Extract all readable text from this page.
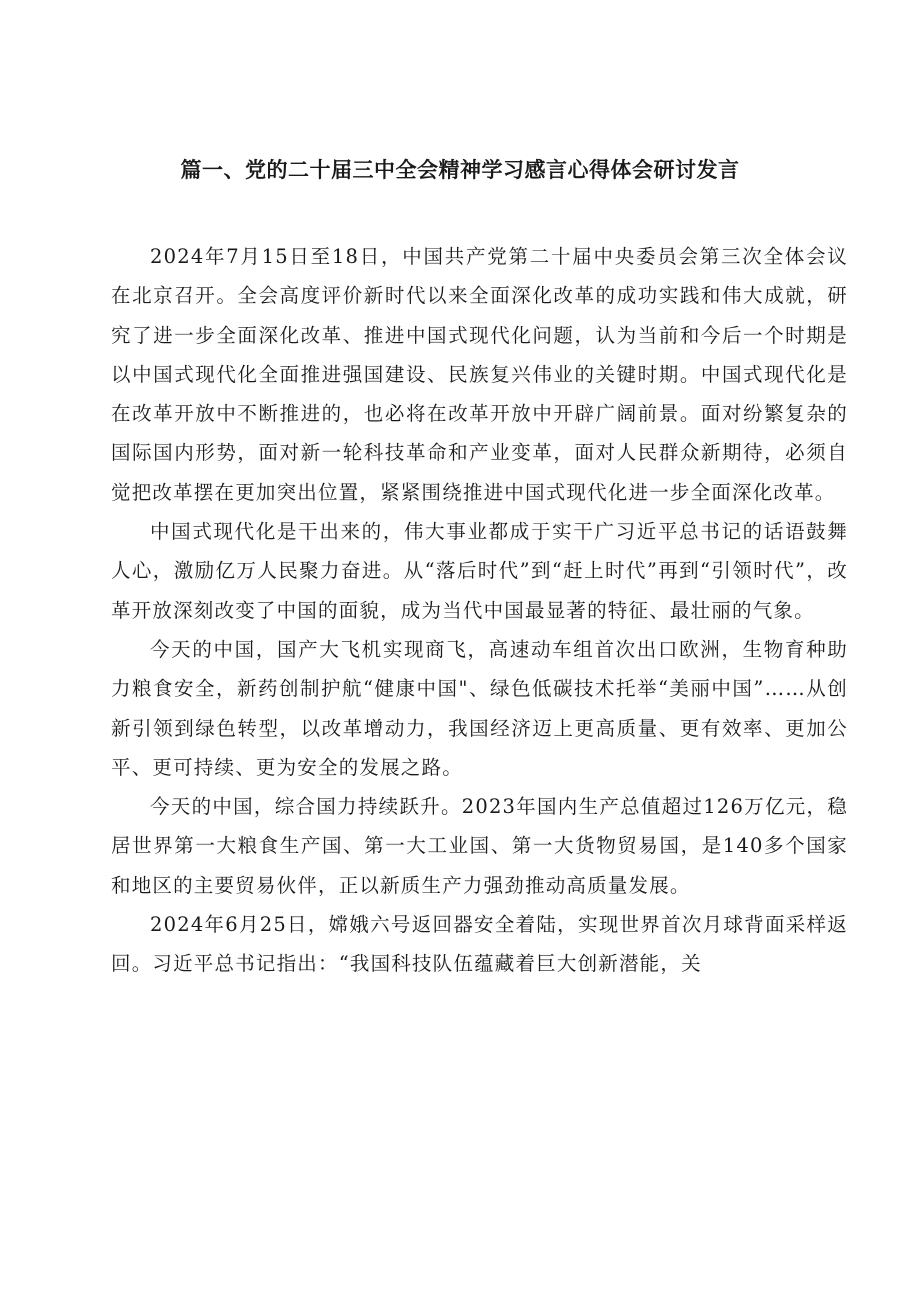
篇一、党的二十届三中全会精神学习感言心得体会研讨发言

2024年7月15日至18日，中国共产党第二十届中央委员会第三次全体会议在北京召开。全会高度评价新时代以来全面深化改革的成功实践和伟大成就，研究了进一步全面深化改革、推进中国式现代化问题，认为当前和今后一个时期是以中国式现代化全面推进强国建设、民族复兴伟业的关键时期。中国式现代化是在改革开放中不断推进的，也必将在改革开放中开辟广阔前景。面对纷繁复杂的国际国内形势，面对新一轮科技革命和产业变革，面对人民群众新期待，必须自觉把改革摆在更加突出位置，紧紧围绕推进中国式现代化进一步全面深化改革。

中国式现代化是干出来的，伟大事业都成于实干广习近平总书记的话语鼓舞人心，激励亿万人民聚力奋进。从“落后时代”到“赶上时代”再到“引领时代”，改革开放深刻改变了中国的面貌，成为当代中国最显著的特征、最壮丽的气象。

今天的中国，国产大飞机实现商飞，高速动车组首次出口欧洲，生物育种助力粮食安全，新药创制护航“健康中国"、绿色低碳技术托举“美丽中国”……从创新引领到绿色转型，以改革增动力，我国经济迈上更高质量、更有效率、更加公平、更可持续、更为安全的发展之路。

今天的中国，综合国力持续跃升。2023年国内生产总值超过126万亿元，稳居世界第一大粮食生产国、第一大工业国、第一大货物贸易国，是140多个国家和地区的主要贸易伙伴，正以新质生产力强劲推动高质量发展。

2024年6月25日，嫦娥六号返回器安全着陆，实现世界首次月球背面采样返回。习近平总书记指出：“我国科技队伍蕴藏着巨大创新潜能，关
